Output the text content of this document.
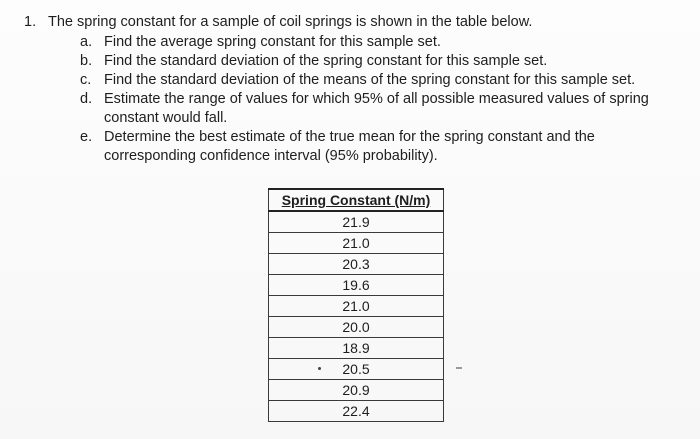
1. The spring constant for a sample of coil springs is shown in the table below.
a. Find the average spring constant for this sample set.
b. Find the standard deviation of the spring constant for this sample set.
c. Find the standard deviation of the means of the spring constant for this sample set.
d. Estimate the range of values for which 95% of all possible measured values of spring constant would fall.
e. Determine the best estimate of the true mean for the spring constant and the corresponding confidence interval (95% probability).
Spring Constant (N/m)
21.9
21.0
20.3
19.6
21.0
20.0
18.9
20.5
20.9
22.4
